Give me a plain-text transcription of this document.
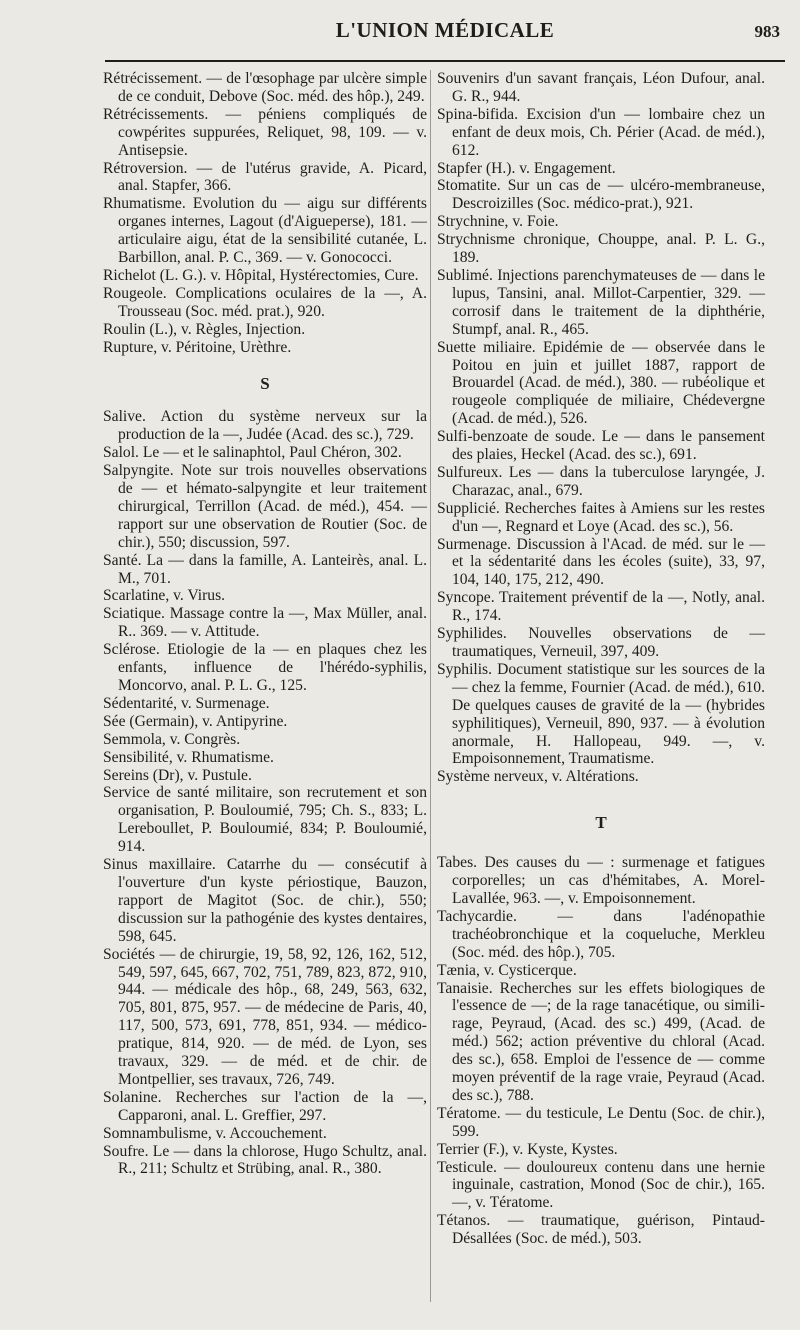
L'UNION MÉDICALE	983
Rétrécissement. — de l'œsophage par ulcère simple de ce conduit, Debove (Soc. méd. des hôp.), 249.
Rétrécissements. — péniens compliqués de cowpérites suppurées, Reliquet, 98, 109. — v. Antisepsie.
Rétroversion. — de l'utérus gravide, A. Picard, anal. Stapfer, 366.
Rhumatisme. Evolution du — aigu sur différents organes internes, Lagout (d'Aigueperse), 181. — articulaire aigu, état de la sensibilité cutanée, L. Barbillon, anal. P. C., 369. — v. Gonococci.
Richelot (L. G.). v. Hôpital, Hystérectomies, Cure.
Rougeole. Complications oculaires de la —, A. Trousseau (Soc. méd. prat.), 920.
Roulin (L.), v. Règles, Injection.
Rupture, v. Péritoine, Urèthre.
S
Salive. Action du système nerveux sur la production de la —, Judée (Acad. des sc.), 729.
Salol. Le — et le salinaphtol, Paul Chéron, 302.
Salpyngite. Note sur trois nouvelles observations de — et hémato-salpyngite et leur traitement chirurgical, Terrillon (Acad. de méd.), 454. — rapport sur une observation de Routier (Soc. de chir.), 550; discussion, 597.
Santé. La — dans la famille, A. Lanteirès, anal. L. M., 701.
Scarlatine, v. Virus.
Sciatique. Massage contre la —, Max Müller, anal. R.. 369. — v. Attitude.
Sclérose. Etiologie de la — en plaques chez les enfants, influence de l'hérédo-syphilis, Moncorvo, anal. P. L. G., 125.
Sédentarité, v. Surmenage.
Sée (Germain), v. Antipyrine.
Semmola, v. Congrès.
Sensibilité, v. Rhumatisme.
Sereins (Dr), v. Pustule.
Service de santé militaire, son recrutement et son organisation, P. Bouloumié, 795; Ch. S., 833; L. Lereboullet, P. Bouloumié, 834; P. Bouloumié, 914.
Sinus maxillaire. Catarrhe du — consécutif à l'ouverture d'un kyste périostique, Bauzon, rapport de Magitot (Soc. de chir.), 550; discussion sur la pathogénie des kystes dentaires, 598, 645.
Sociétés — de chirurgie, 19, 58, 92, 126, 162, 512, 549, 597, 645, 667, 702, 751, 789, 823, 872, 910, 944. — médicale des hôp., 68, 249, 563, 632, 705, 801, 875, 957. — de médecine de Paris, 40, 117, 500, 573, 691, 778, 851, 934. — médico-pratique, 814, 920. — de méd. de Lyon, ses travaux, 329. — de méd. et de chir. de Montpellier, ses travaux, 726, 749.
Solanine. Recherches sur l'action de la —, Capparoni, anal. L. Greffier, 297.
Somnambulisme, v. Accouchement.
Soufre. Le — dans la chlorose, Hugo Schultz, anal. R., 211; Schultz et Strübing, anal. R., 380.
Souvenirs d'un savant français, Léon Dufour, anal. G. R., 944.
Spina-bifida. Excision d'un — lombaire chez un enfant de deux mois, Ch. Périer (Acad. de méd.), 612.
Stapfer (H.). v. Engagement.
Stomatite. Sur un cas de — ulcéro-membraneuse, Descroizilles (Soc. médico-prat.), 921.
Strychnine, v. Foie.
Strychnisme chronique, Chouppe, anal. P. L. G., 189.
Sublimé. Injections parenchymateuses de — dans le lupus, Tansini, anal. Millot-Carpentier, 329. — corrosif dans le traitement de la diphthérie, Stumpf, anal. R., 465.
Suette miliaire. Epidémie de — observée dans le Poitou en juin et juillet 1887, rapport de Brouardel (Acad. de méd.), 380. — rubéolique et rougeole compliquée de miliaire, Chédevergne (Acad. de méd.), 526.
Sulfi-benzoate de soude. Le — dans le pansement des plaies, Heckel (Acad. des sc.), 691.
Sulfureux. Les — dans la tuberculose laryngée, J. Charazac, anal., 679.
Supplicié. Recherches faites à Amiens sur les restes d'un —, Regnard et Loye (Acad. des sc.), 56.
Surmenage. Discussion à l'Acad. de méd. sur le — et la sédentarité dans les écoles (suite), 33, 97, 104, 140, 175, 212, 490.
Syncope. Traitement préventif de la —, Notly, anal. R., 174.
Syphilides. Nouvelles observations de — traumatiques, Verneuil, 397, 409.
Syphilis. Document statistique sur les sources de la — chez la femme, Fournier (Acad. de méd.), 610. De quelques causes de gravité de la — (hybrides syphilitiques), Verneuil, 890, 937. — à évolution anormale, H. Hallopeau, 949. —, v. Empoisonnement, Traumatisme.
Système nerveux, v. Altérations.
T
Tabes. Des causes du — : surmenage et fatigues corporelles; un cas d'hémitabes, A. Morel-Lavallée, 963. —, v. Empoisonnement.
Tachycardie. — dans l'adénopathie trachéobronchique et la coqueluche, Merkleu (Soc. méd. des hôp.), 705.
Tænia, v. Cysticerque.
Tanaisie. Recherches sur les effets biologiques de l'essence de —; de la rage tanacétique, ou simili-rage, Peyraud, (Acad. des sc.) 499, (Acad. de méd.) 562; action préventive du chloral (Acad. des sc.), 658. Emploi de l'essence de — comme moyen préventif de la rage vraie, Peyraud (Acad. des sc.), 788.
Tératome. — du testicule, Le Dentu (Soc. de chir.), 599.
Terrier (F.), v. Kyste, Kystes.
Testicule. — douloureux contenu dans une hernie inguinale, castration, Monod (Soc de chir.), 165. —, v. Tératome.
Tétanos. — traumatique, guérison, Pintaud-Désallées (Soc. de méd.), 503.
